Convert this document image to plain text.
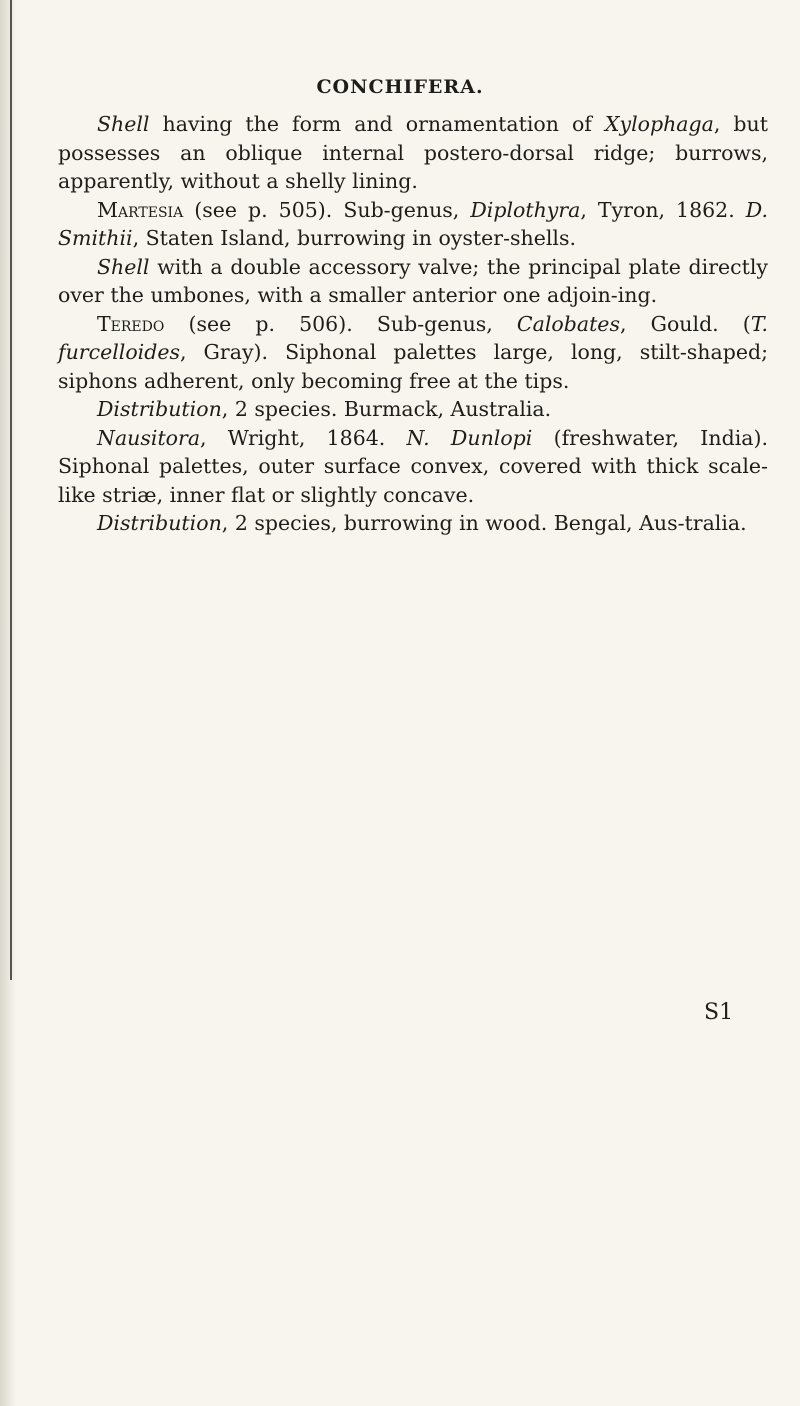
CONCHIFERA.

Shell having the form and ornamentation of Xylophaga, but possesses an oblique internal postero-dorsal ridge; burrows, apparently, without a shelly lining.

Martesia (see p. 505). Sub-genus, Diplothyra, Tyron, 1862. D. Smithii, Staten Island, burrowing in oyster-shells.

Shell with a double accessory valve; the principal plate directly over the umbones, with a smaller anterior one adjoin-ing.

Teredo (see p. 506). Sub-genus, Calobates, Gould. (T. furcelloides, Gray). Siphonal palettes large, long, stilt-shaped; siphons adherent, only becoming free at the tips.

Distribution, 2 species. Burmack, Australia.

Nausitora, Wright, 1864. N. Dunlopi (freshwater, India). Siphonal palettes, outer surface convex, covered with thick scale-like striæ, inner flat or slightly concave.

Distribution, 2 species, burrowing in wood. Bengal, Aus-tralia.

S1
